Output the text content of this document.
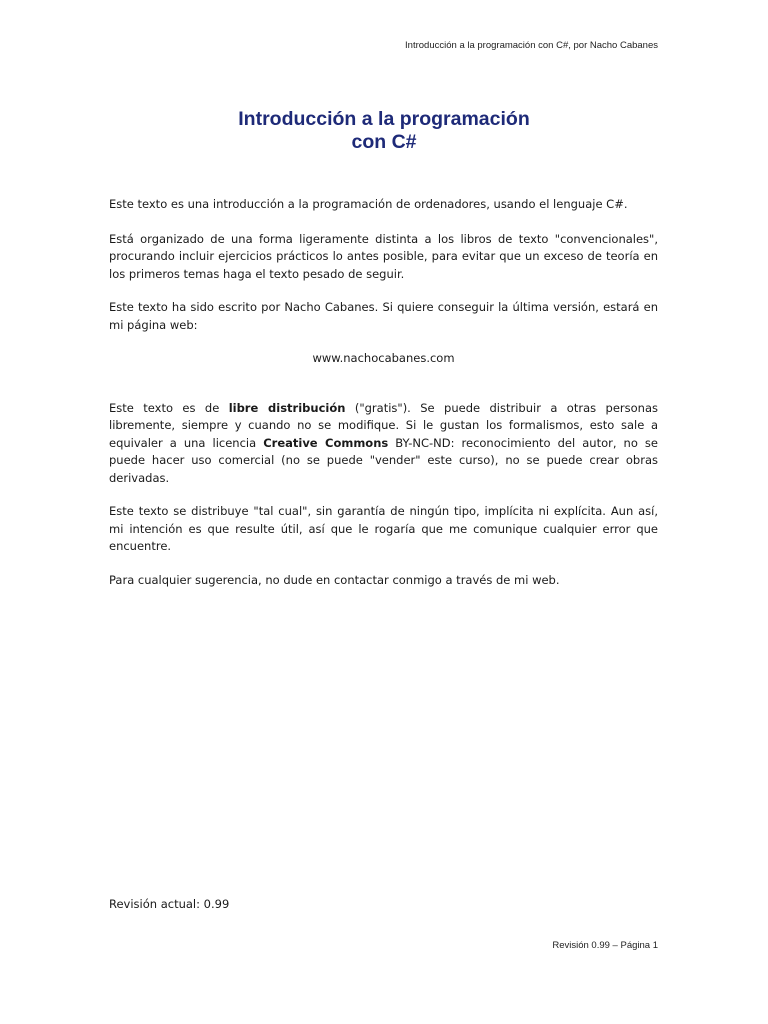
Introducción a la programación con C#, por Nacho Cabanes
Introducción a la programación
con C#

Este texto es una introducción a la programación de ordenadores, usando el lenguaje C#.

Está organizado de una forma ligeramente distinta a los libros de texto "convencionales", procurando incluir ejercicios prácticos lo antes posible, para evitar que un exceso de teoría en los primeros temas haga el texto pesado de seguir.

Este texto ha sido escrito por Nacho Cabanes. Si quiere conseguir la última versión, estará en mi página web:

www.nachocabanes.com

Este texto es de libre distribución ("gratis"). Se puede distribuir a otras personas libremente, siempre y cuando no se modifique. Si le gustan los formalismos, esto sale a equivaler a una licencia Creative Commons BY-NC-ND: reconocimiento del autor, no se puede hacer uso comercial (no se puede "vender" este curso), no se puede crear obras derivadas.

Este texto se distribuye "tal cual", sin garantía de ningún tipo, implícita ni explícita. Aun así, mi intención es que resulte útil, así que le rogaría que me comunique cualquier error que encuentre.

Para cualquier sugerencia, no dude en contactar conmigo a través de mi web.

Revisión actual: 0.99
Revisión 0.99 – Página 1
